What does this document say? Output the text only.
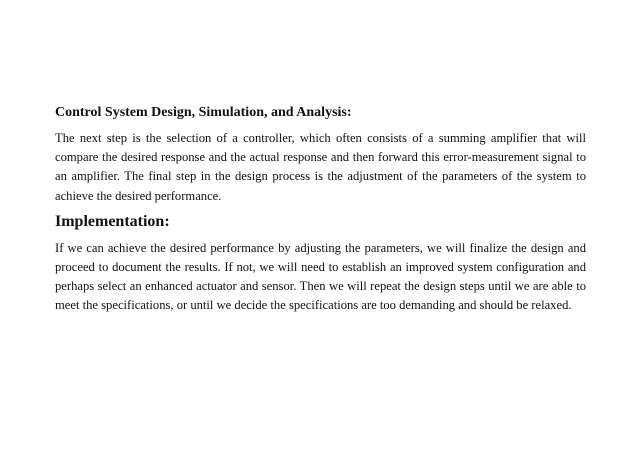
Control System Design, Simulation, and Analysis:

The next step is the selection of a controller, which often consists of a summing amplifier that will compare the desired response and the actual response and then forward this error-measurement signal to an amplifier. The final step in the design process is the adjustment of the parameters of the system to achieve the desired performance.

Implementation:

If we can achieve the desired performance by adjusting the parameters, we will finalize the design and proceed to document the results. If not, we will need to establish an improved system configuration and perhaps select an enhanced actuator and sensor. Then we will repeat the design steps until we are able to meet the specifications, or until we decide the specifications are too demanding and should be relaxed.
